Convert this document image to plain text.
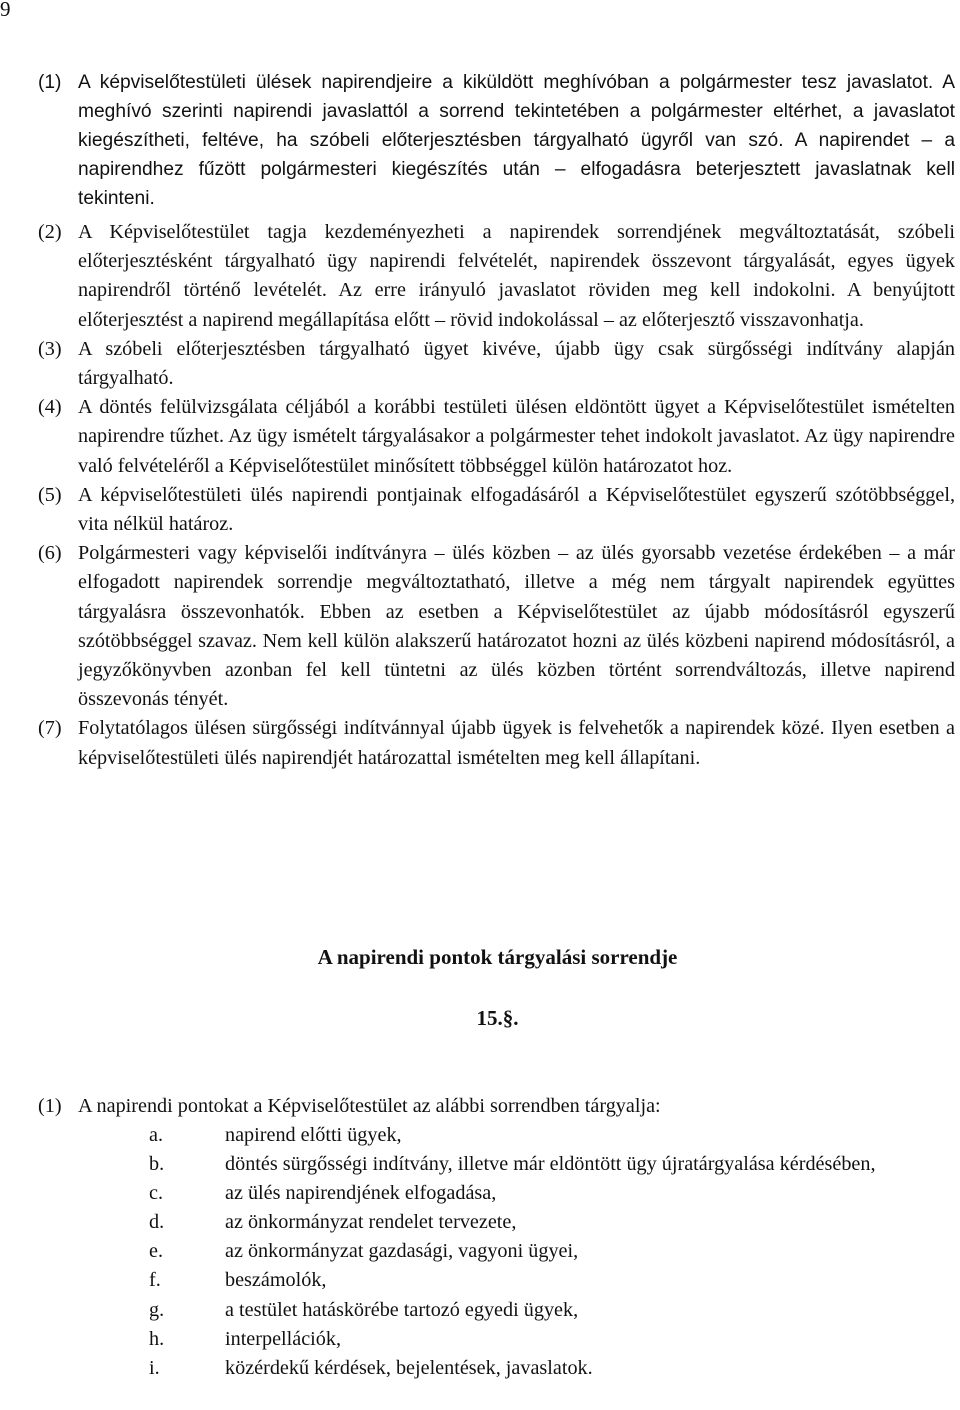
9
(1) A képviselőtestületi ülések napirendjeire a kiküldött meghívóban a polgármester tesz javaslatot. A meghívó szerinti napirendi javaslattól a sorrend tekintetében a polgármester eltérhet, a javaslatot kiegészítheti, feltéve, ha szóbeli előterjesztésben tárgyalható ügyről van szó. A napirendet – a napirendhez fűzött polgármesteri kiegészítés után – elfogadásra beterjesztett javaslatnak kell tekinteni.
(2) A Képviselőtestület tagja kezdeményezheti a napirendek sorrendjének megváltoztatását, szóbeli előterjesztésként tárgyalható ügy napirendi felvételét, napirendek összevont tárgyalását, egyes ügyek napirendről történő levételét. Az erre irányuló javaslatot röviden meg kell indokolni. A benyújtott előterjesztést a napirend megállapítása előtt – rövid indokolással – az előterjesztő visszavonhatja.
(3) A szóbeli előterjesztésben tárgyalható ügyet kivéve, újabb ügy csak sürgősségi indítvány alapján tárgyalható.
(4) A döntés felülvizsgálata céljából a korábbi testületi ülésen eldöntött ügyet a Képviselőtestület ismételten napirendre tűzhet. Az ügy ismételt tárgyalásakor a polgármester tehet indokolt javaslatot. Az ügy napirendre való felvételéről a Képviselőtestület minősített többséggel külön határozatot hoz.
(5) A képviselőtestületi ülés napirendi pontjainak elfogadásáról a Képviselőtestület egyszerű szótöbbséggel, vita nélkül határoz.
(6) Polgármesteri vagy képviselői indítványra – ülés közben – az ülés gyorsabb vezetése érdekében – a már elfogadott napirendek sorrendje megváltoztatható, illetve a még nem tárgyalt napirendek együttes tárgyalásra összevonhatók. Ebben az esetben a Képviselőtestület az újabb módosításról egyszerű szótöbbséggel szavaz. Nem kell külön alakszerű határozatot hozni az ülés közbeni napirend módosításról, a jegyzőkönyvben azonban fel kell tüntetni az ülés közben történt sorrendváltozás, illetve napirend összevonás tényét.
(7) Folytatólagos ülésen sürgősségi indítvánnyal újabb ügyek is felvehetők a napirendek közé. Ilyen esetben a képviselőtestületi ülés napirendjét határozattal ismételten meg kell állapítani.
A napirendi pontok tárgyalási sorrendje
15.§.
(1) A napirendi pontokat a Képviselőtestület az alábbi sorrendben tárgyalja:
a.	napirend előtti ügyek,
b.	döntés sürgősségi indítvány, illetve már eldöntött ügy újratárgyalása kérdésében,
c.	az ülés napirendjének elfogadása,
d.	az önkormányzat rendelet tervezete,
e.	az önkormányzat gazdasági, vagyoni ügyei,
f.	beszámolók,
g.	a testület hatáskörébe tartozó egyedi ügyek,
h.	interpellációk,
i.	közérdekű kérdések, bejelentések, javaslatok.
